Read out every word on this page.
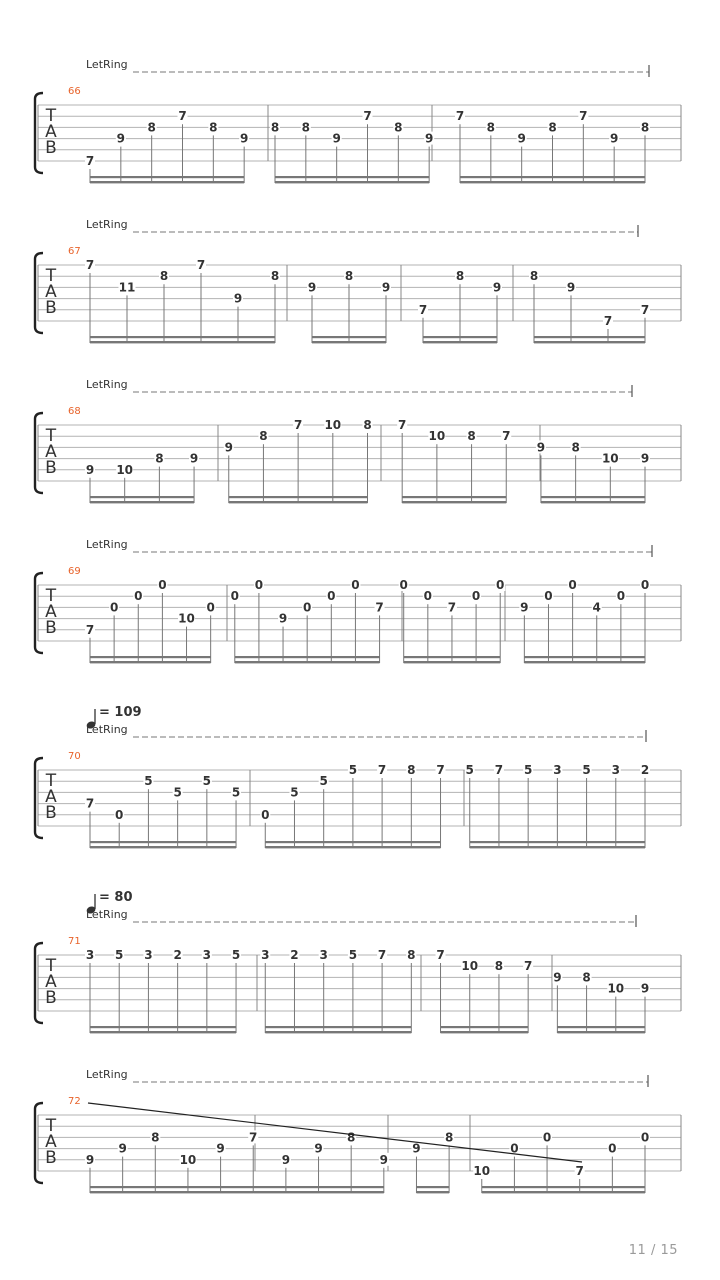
LetRing
66
T
A
B
7
9
8
7
8
9
8 8
9
7
8
9
7
8
9
8
7
9
8
LetRing
67
T
A
B
7
11
8
7
9
8
9
8
9
7
8
9
8
9
7
7
LetRing
68
T
A
B 9 10
8 9
9
8
7 10 8 7
10 8 7
9 8
10 9
LetRing
69
T
A
B 7
0
0
0
10
0
0
0
9
0
0
0
7
0
0
7
0
0
9
0
0
4
0
0
= 109
LetRing
70
T
A
B 7
0
5
5
5
5
0
5
5
5 7 8 7 5 7 5 3 5 3 2
= 80
LetRing
71
T
A
B
3 5 3 2 3 5 3 2 3 5 7 8 7
10 8 7
9 8
10 9
LetRing
72
T
A
B 9
9
8
10
9
7
9
9
8
9
9
8
10
0
0
7
0
0
11 / 15
